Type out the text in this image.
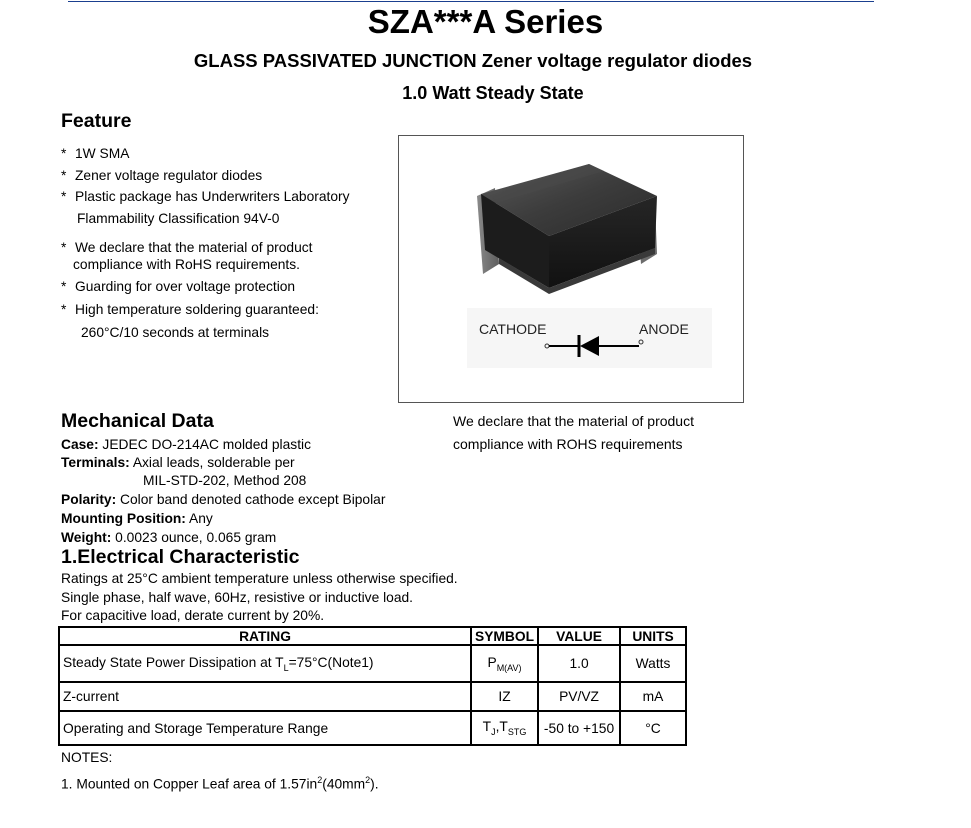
SZA***A Series
GLASS PASSIVATED JUNCTION Zener voltage regulator diodes
1.0 Watt Steady State
Feature
* 1W SMA
* Zener voltage regulator diodes
* Plastic package has Underwriters Laboratory
Flammability Classification 94V-0
* We declare that the material of product
compliance with RoHS requirements.
* Guarding for over voltage protection
* High temperature soldering guaranteed:
260°C/10 seconds at terminals	CATHODE	ANODE
We declare that the material of product
compliance with ROHS requirements
Mechanical Data
Case: JEDEC DO-214AC molded plastic
Terminals: Axial leads, solderable per
MIL-STD-202, Method 208
Polarity: Color band denoted cathode except Bipolar
Mounting Position: Any
Weight: 0.0023 ounce, 0.065 gram
1.Electrical Characteristic
Ratings at 25°C ambient temperature unless otherwise specified.
Single phase, half wave, 60Hz, resistive or inductive load.
For capacitive load, derate current by 20%.
RATING	SYMBOL	VALUE	UNITS
Steady State Power Dissipation at $T_L=75^\circ C(Note1)$	$P_{M(AV)}$	1.0	Watts
Z-current	IZ	PV/VZ	mA
Operating and Storage Temperature Range	$T_J,T_{STG}$	-50 to +150	°C
NOTES:
1. Mounted on Copper Leaf area of $1.57in^2(40mm^2)$.
